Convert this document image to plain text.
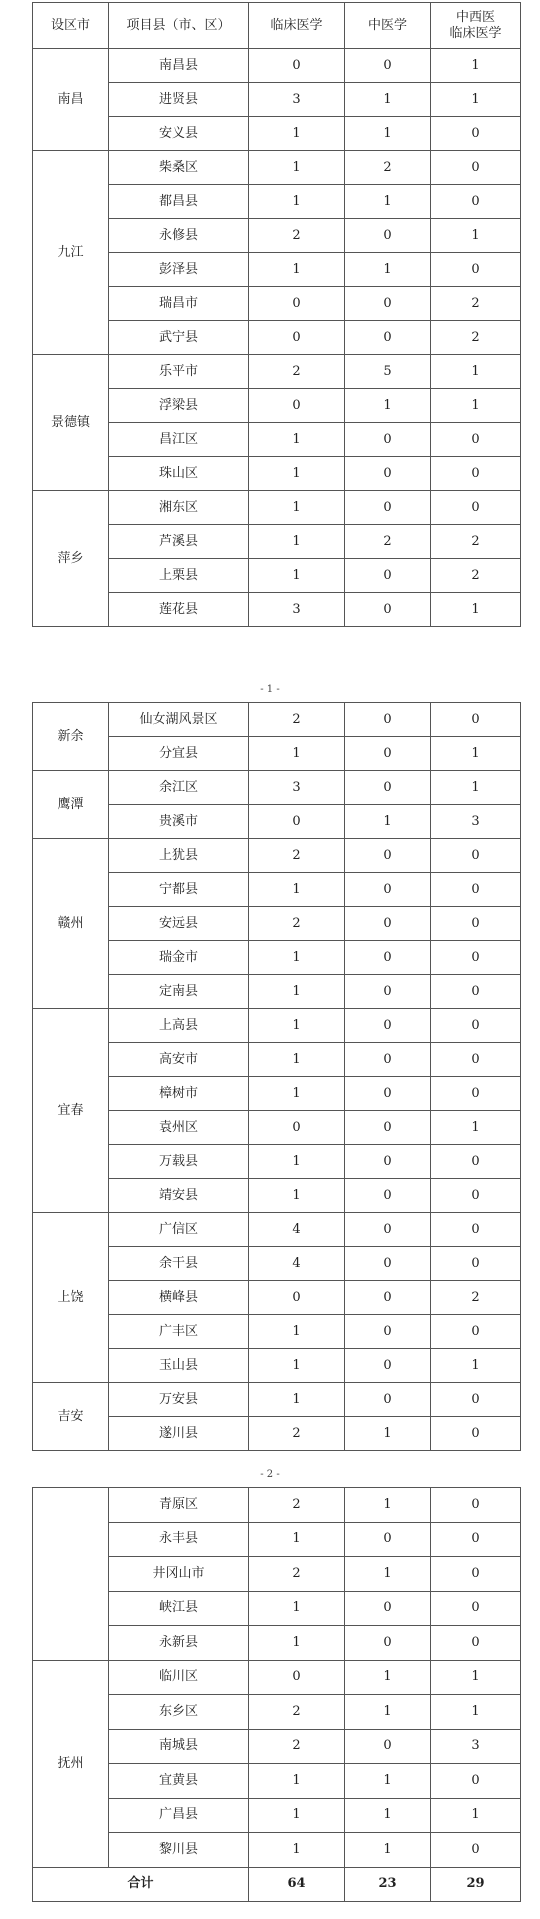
设区市	项目县（市、区）	临床医学	中医学	中西医
临床医学
南昌	南昌县	0	0	1
	进贤县	3	1	1
	安义县	1	1	0
九江	柴桑区	1	2	0
	都昌县	1	1	0
	永修县	2	0	1
	彭泽县	1	1	0
	瑞昌市	0	0	2
	武宁县	0	0	2
景德镇	乐平市	2	5	1
	浮梁县	0	1	1
	昌江区	1	0	0
	珠山区	1	0	0
萍乡	湘东区	1	0	0
	芦溪县	1	2	2
	上栗县	1	0	2
	莲花县	3	0	1
- 1 -
新余	仙女湖风景区	2	0	0
	分宜县	1	0	1
鹰潭	余江区	3	0	1
	贵溪市	0	1	3
赣州	上犹县	2	0	0
	宁都县	1	0	0
	安远县	2	0	0
	瑞金市	1	0	0
	定南县	1	0	0
宜春	上高县	1	0	0
	高安市	1	0	0
	樟树市	1	0	0
	袁州区	0	0	1
	万载县	1	0	0
	靖安县	1	0	0
上饶	广信区	4	0	0
	余干县	4	0	0
	横峰县	0	0	2
	广丰区	1	0	0
	玉山县	1	0	1
吉安	万安县	1	0	0
	遂川县	2	1	0
- 2 -
	青原区	2	1	0
	永丰县	1	0	0
	井冈山市	2	1	0
	峡江县	1	0	0
	永新县	1	0	0
抚州	临川区	0	1	1
	东乡区	2	1	1
	南城县	2	0	3
	宜黄县	1	1	0
	广昌县	1	1	1
	黎川县	1	1	0
合计		64	23	29
